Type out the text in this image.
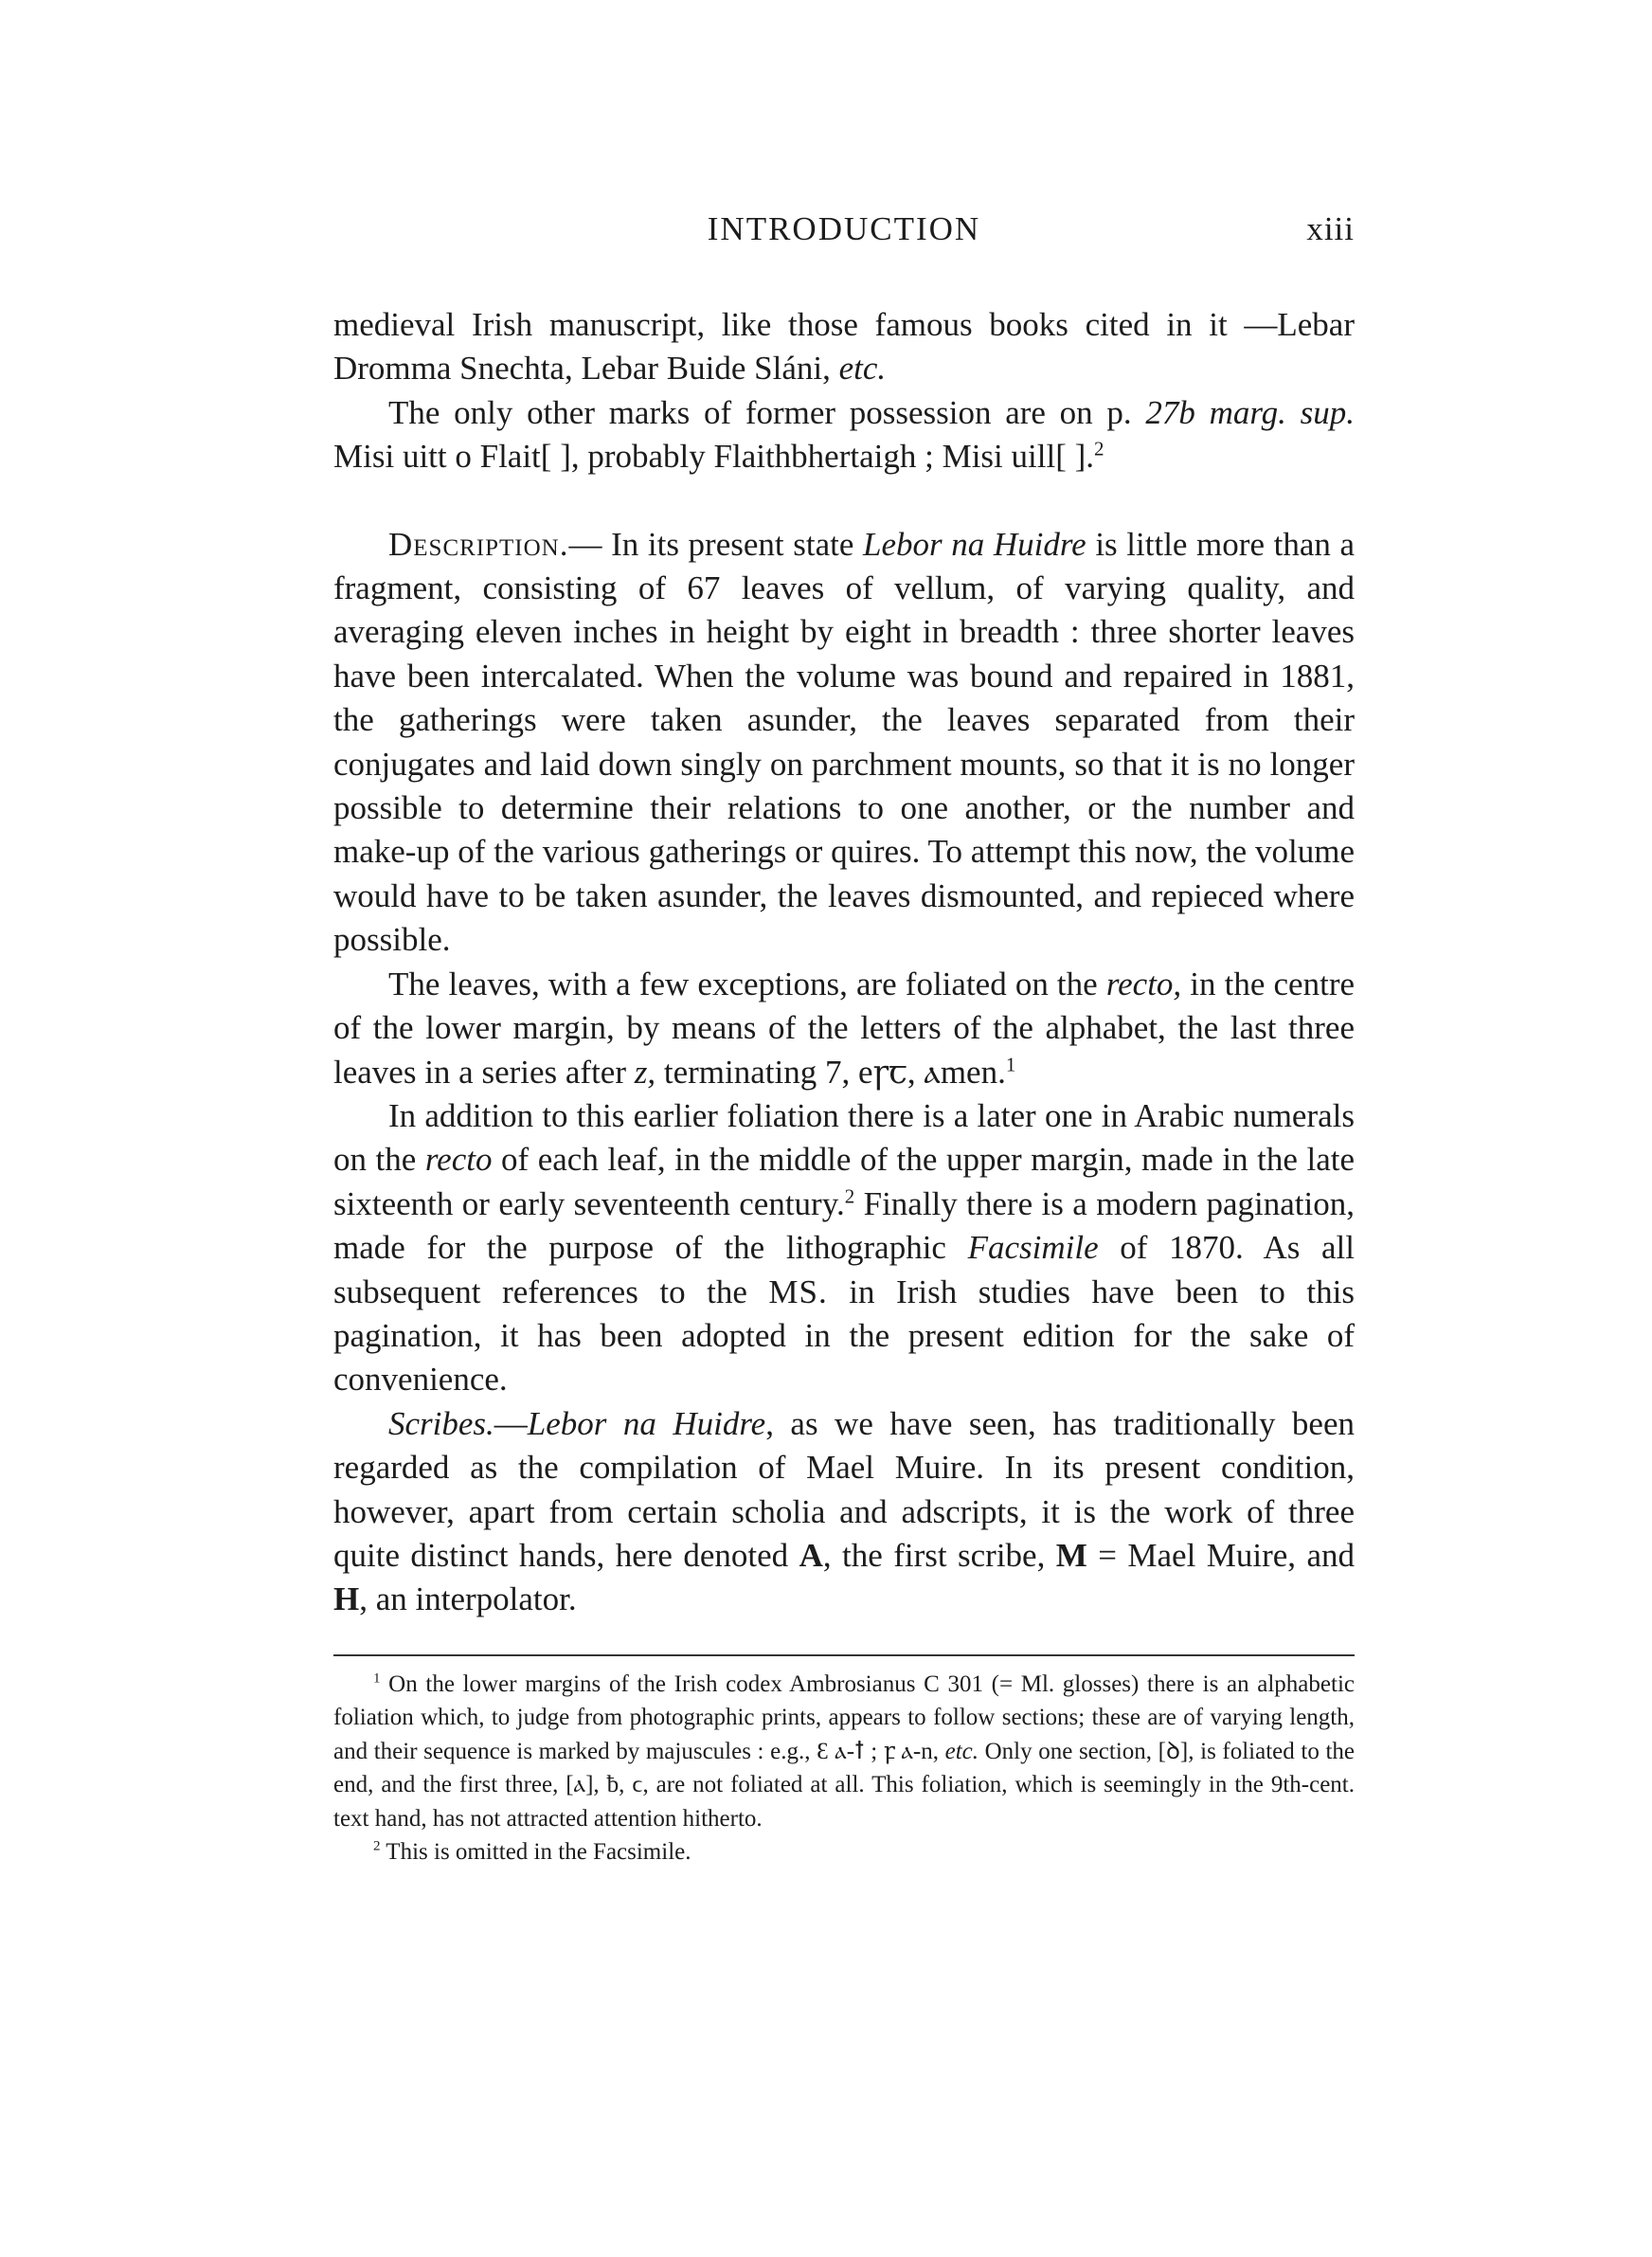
INTRODUCTION	xiii

medieval Irish manuscript, like those famous books cited in it —Lebar Dromma Snechta, Lebar Buide Sláni, etc.

The only other marks of former possession are on p. 27b marg. sup. Misi uitt o Flait[ ], probably Flaithbhertaigh ; Misi uill[ ].$^2$

Description.— In its present state Lebor na Huidre is little more than a fragment, consisting of 67 leaves of vellum, of varying quality, and averaging eleven inches in height by eight in breadth : three shorter leaves have been intercalated. When the volume was bound and repaired in 1881, the gatherings were taken asunder, the leaves separated from their conjugates and laid down singly on parchment mounts, so that it is no longer possible to determine their relations to one another, or the number and make-up of the various gatherings or quires. To attempt this now, the volume would have to be taken asunder, the leaves dismounted, and repieced where possible.

The leaves, with a few exceptions, are foliated on the recto, in the centre of the lower margin, by means of the letters of the alphabet, the last three leaves in a series after z, terminating 7, eꞅꞇ, ⲁmen.$^1$

In addition to this earlier foliation there is a later one in Arabic numerals on the recto of each leaf, in the middle of the upper margin, made in the late sixteenth or early seventeenth century.$^2$ Finally there is a modern pagination, made for the purpose of the lithographic Facsimile of 1870. As all subsequent references to the MS. in Irish studies have been to this pagination, it has been adopted in the present edition for the sake of convenience.

Scribes.—Lebor na Huidre, as we have seen, has traditionally been regarded as the compilation of Mael Muire. In its present condition, however, apart from certain scholia and adscripts, it is the work of three quite distinct hands, here denoted A, the first scribe, M = Mael Muire, and H, an interpolator.

$^1$ On the lower margins of the Irish codex Ambrosianus C 301 (= Ml. glosses) there is an alphabetic foliation which, to judge from photographic prints, appears to follow sections; these are of varying length, and their sequence is marked by majuscules : e.g., Ɛ ⲁ-ꝉ ; ꝼ ⲁ-n, etc. Only one section, [ꝺ], is foliated to the end, and the first three, [ⲁ], ƀ, ϲ, are not foliated at all. This foliation, which is seemingly in the 9th-cent. text hand, has not attracted attention hitherto.

$^2$ This is omitted in the Facsimile.
